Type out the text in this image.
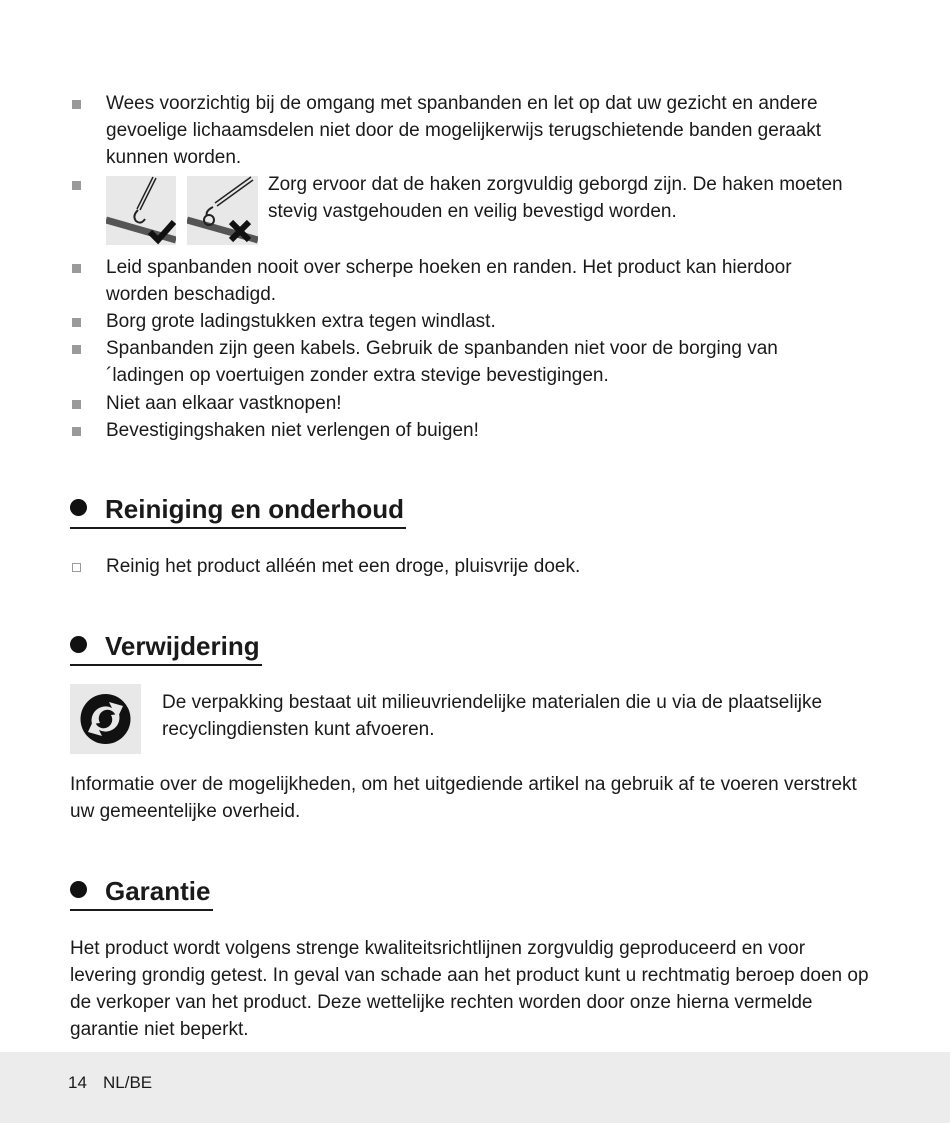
Wees voorzichtig bij de omgang met spanbanden en let op dat uw gezicht en andere
gevoelige lichaamsdelen niet door de mogelijkerwijs terugschietende banden geraakt
kunnen worden.
Zorg ervoor dat de haken zorgvuldig geborgd zijn. De haken moeten
stevig vastgehouden en veilig bevestigd worden.
Leid spanbanden nooit over scherpe hoeken en randen. Het product kan hierdoor
worden beschadigd.
Borg grote ladingstukken extra tegen windlast.
Spanbanden zijn geen kabels. Gebruik de spanbanden niet voor de borging van
´ladingen op voertuigen zonder extra stevige bevestigingen.
Niet aan elkaar vastknopen!
Bevestigingshaken niet verlengen of buigen!
Reiniging en onderhoud
Reinig het product alléén met een droge, pluisvrije doek.
Verwijdering
De verpakking bestaat uit milieuvriendelijke materialen die u via de plaatselijke
recyclingdiensten kunt afvoeren.
Informatie over de mogelijkheden, om het uitgediende artikel na gebruik af te voeren verstrekt
uw gemeentelijke overheid.
Garantie
Het product wordt volgens strenge kwaliteitsrichtlijnen zorgvuldig geproduceerd en voor
levering grondig getest. In geval van schade aan het product kunt u rechtmatig beroep doen op
de verkoper van het product. Deze wettelijke rechten worden door onze hierna vermelde
garantie niet beperkt.
14 NL/BE
